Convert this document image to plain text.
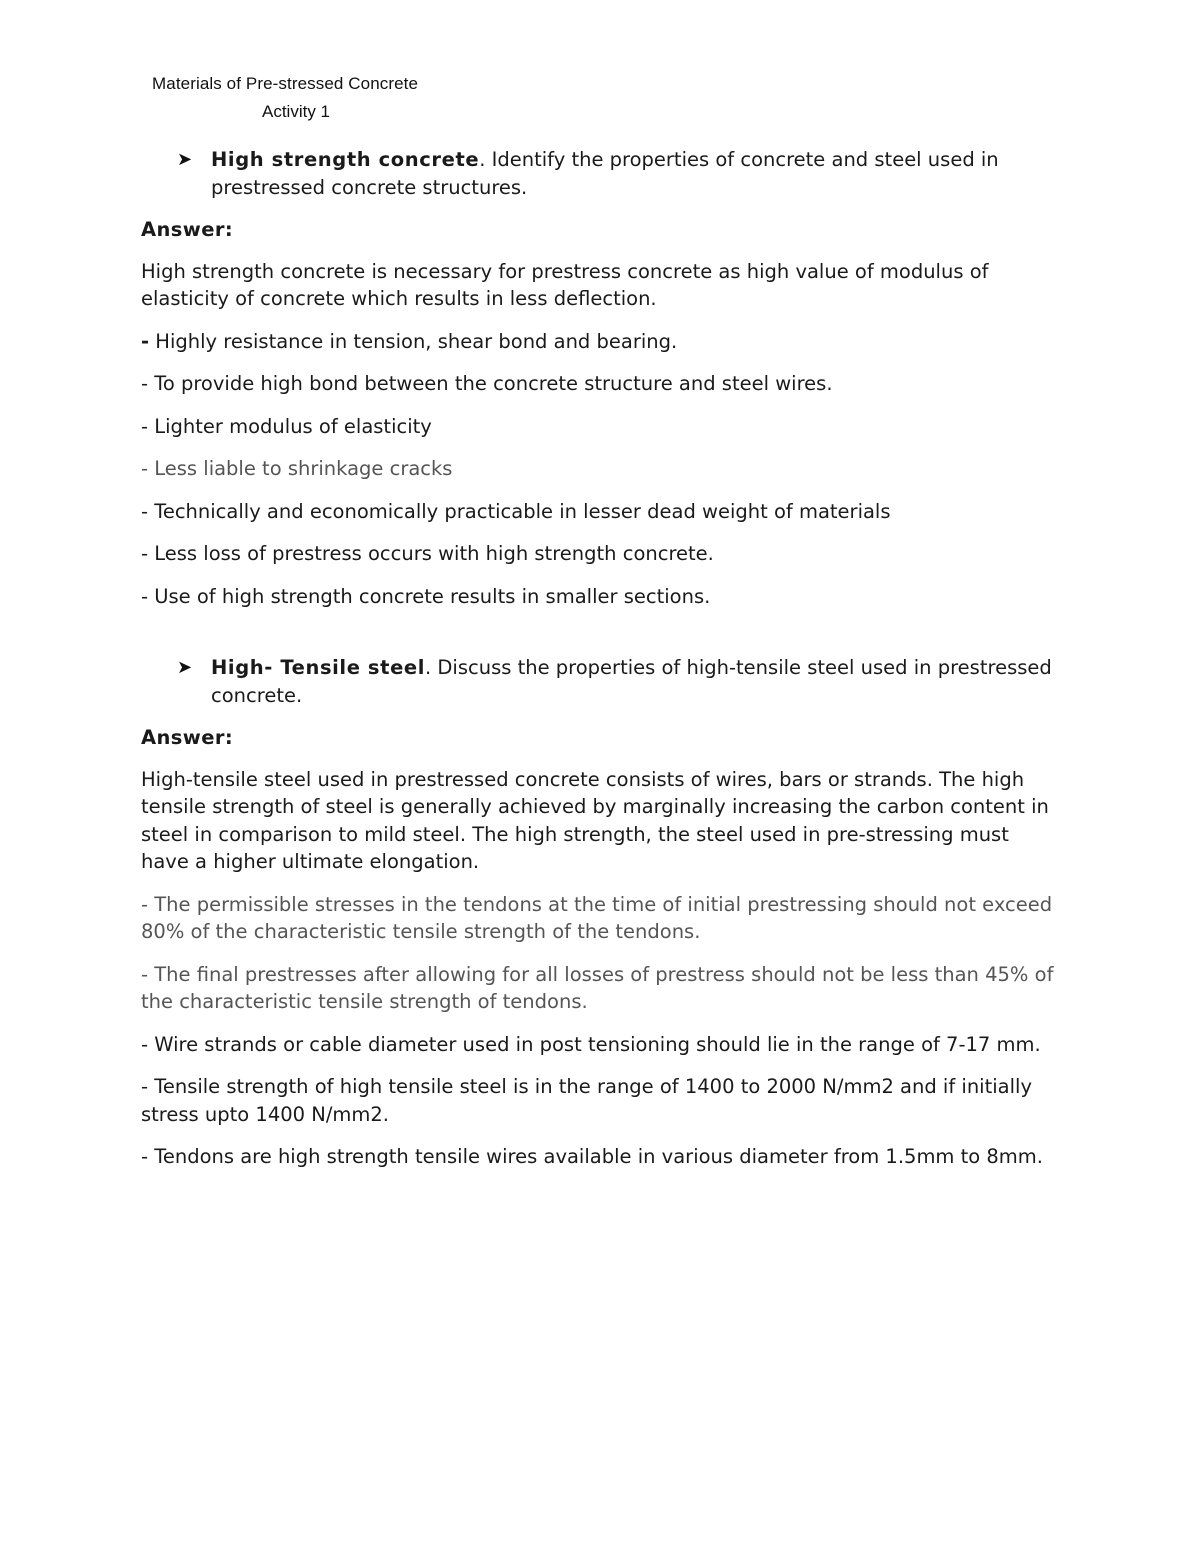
Materials of Pre-stressed Concrete
Activity 1
➤ High strength concrete. Identify the properties of concrete and steel used in prestressed concrete structures.

Answer:

High strength concrete is necessary for prestress concrete as high value of modulus of elasticity of concrete which results in less deflection.

- Highly resistance in tension, shear bond and bearing.

- To provide high bond between the concrete structure and steel wires.

- Lighter modulus of elasticity

- Less liable to shrinkage cracks

- Technically and economically practicable in lesser dead weight of materials

- Less loss of prestress occurs with high strength concrete.

- Use of high strength concrete results in smaller sections.

➤ High- Tensile steel. Discuss the properties of high-tensile steel used in prestressed concrete.

Answer:

High-tensile steel used in prestressed concrete consists of wires, bars or strands. The high tensile strength of steel is generally achieved by marginally increasing the carbon content in steel in comparison to mild steel. The high strength, the steel used in pre-stressing must have a higher ultimate elongation.

- The permissible stresses in the tendons at the time of initial prestressing should not exceed 80% of the characteristic tensile strength of the tendons.

- The final prestresses after allowing for all losses of prestress should not be less than 45% of the characteristic tensile strength of tendons.

- Wire strands or cable diameter used in post tensioning should lie in the range of 7-17 mm.

- Tensile strength of high tensile steel is in the range of 1400 to 2000 N/mm2 and if initially stress upto 1400 N/mm2.

- Tendons are high strength tensile wires available in various diameter from 1.5mm to 8mm.
